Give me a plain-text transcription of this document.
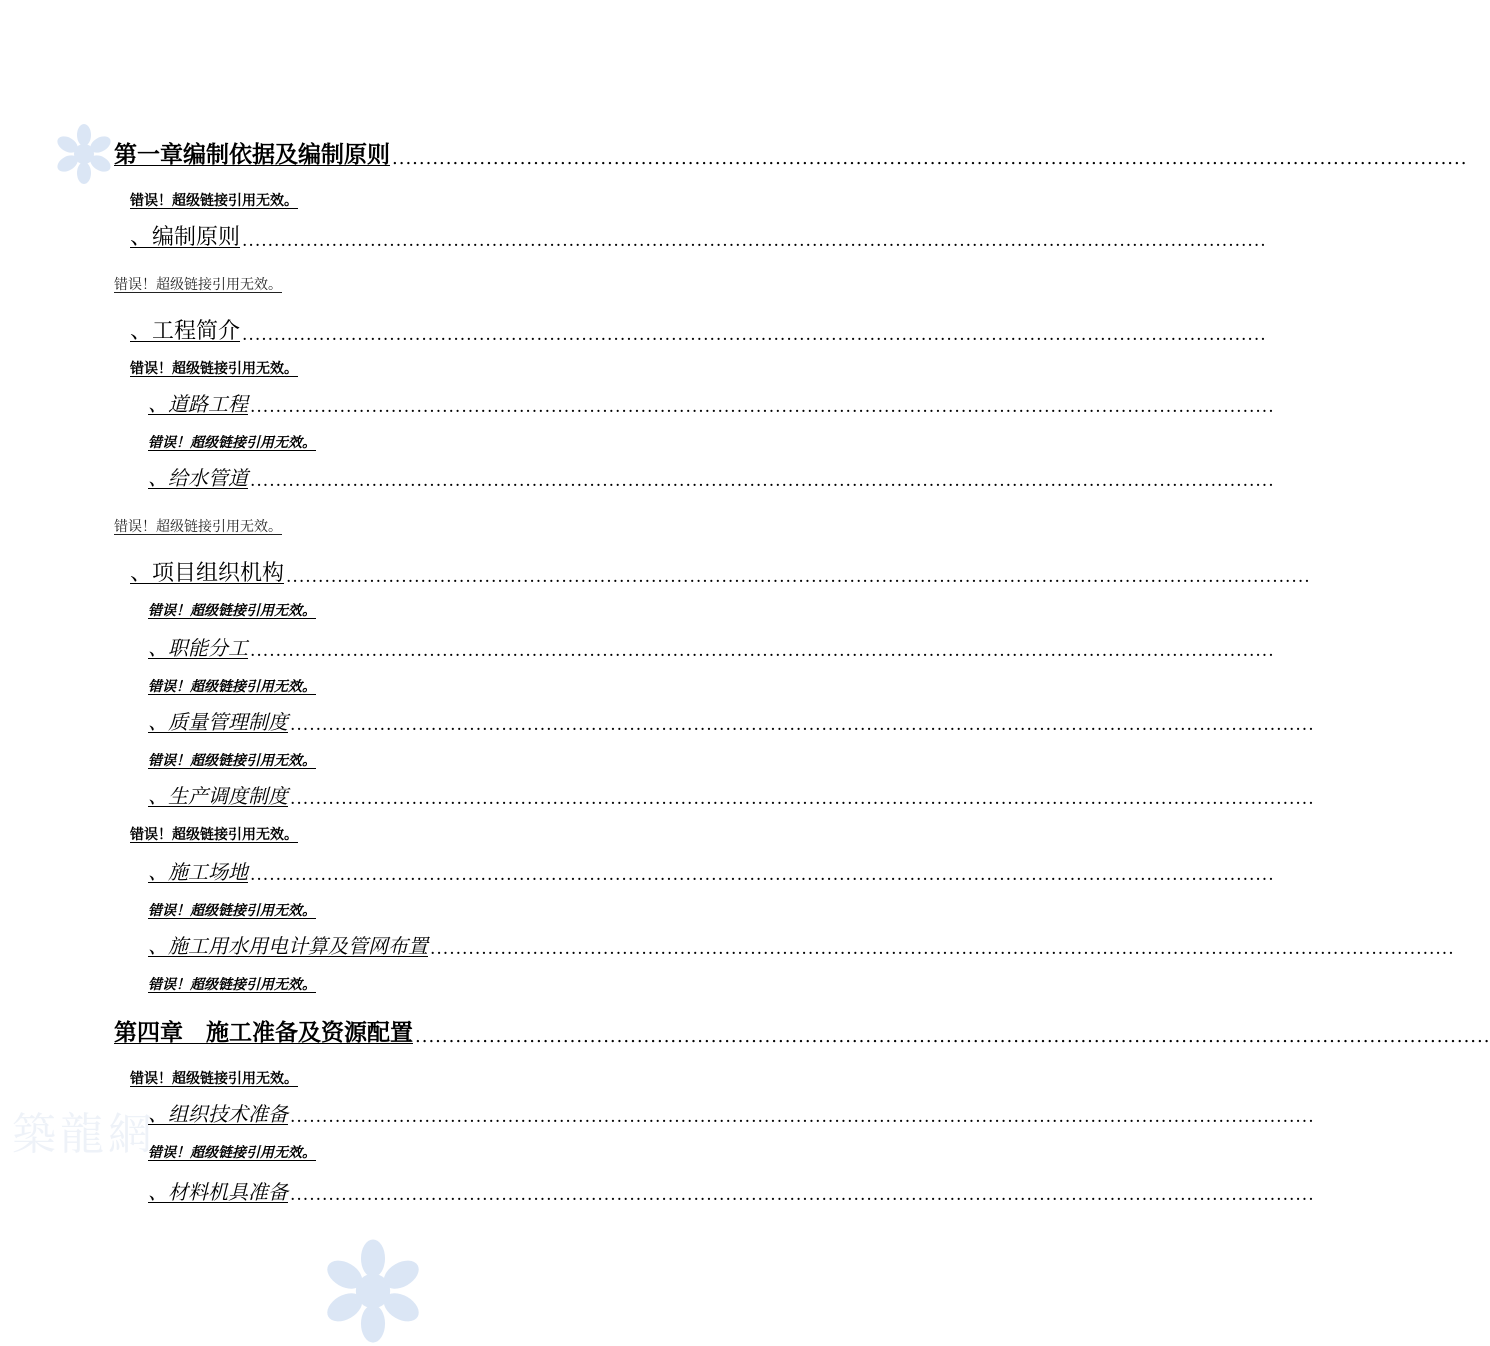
築龍網
第一章编制依据及编制原则 ................................................................................................................................................................
错误！超级链接引用无效。
、编制原则 ................................................................................................................................................................
错误！超级链接引用无效。
、工程简介 ................................................................................................................................................................
错误！超级链接引用无效。
、道路工程 ................................................................................................................................................................
错误！超级链接引用无效。
、给水管道 ................................................................................................................................................................
错误！超级链接引用无效。
、项目组织机构 ................................................................................................................................................................
错误！超级链接引用无效。
、职能分工 ................................................................................................................................................................
错误！超级链接引用无效。
、质量管理制度 ................................................................................................................................................................
错误！超级链接引用无效。
、生产调度制度 ................................................................................................................................................................
错误！超级链接引用无效。
、施工场地 ................................................................................................................................................................
错误！超级链接引用无效。
、施工用水用电计算及管网布置 ................................................................................................................................................................
错误！超级链接引用无效。
第四章　施工准备及资源配置 ................................................................................................................................................................
错误！超级链接引用无效。
、组织技术准备 ................................................................................................................................................................
错误！超级链接引用无效。
、材料机具准备 ................................................................................................................................................................
